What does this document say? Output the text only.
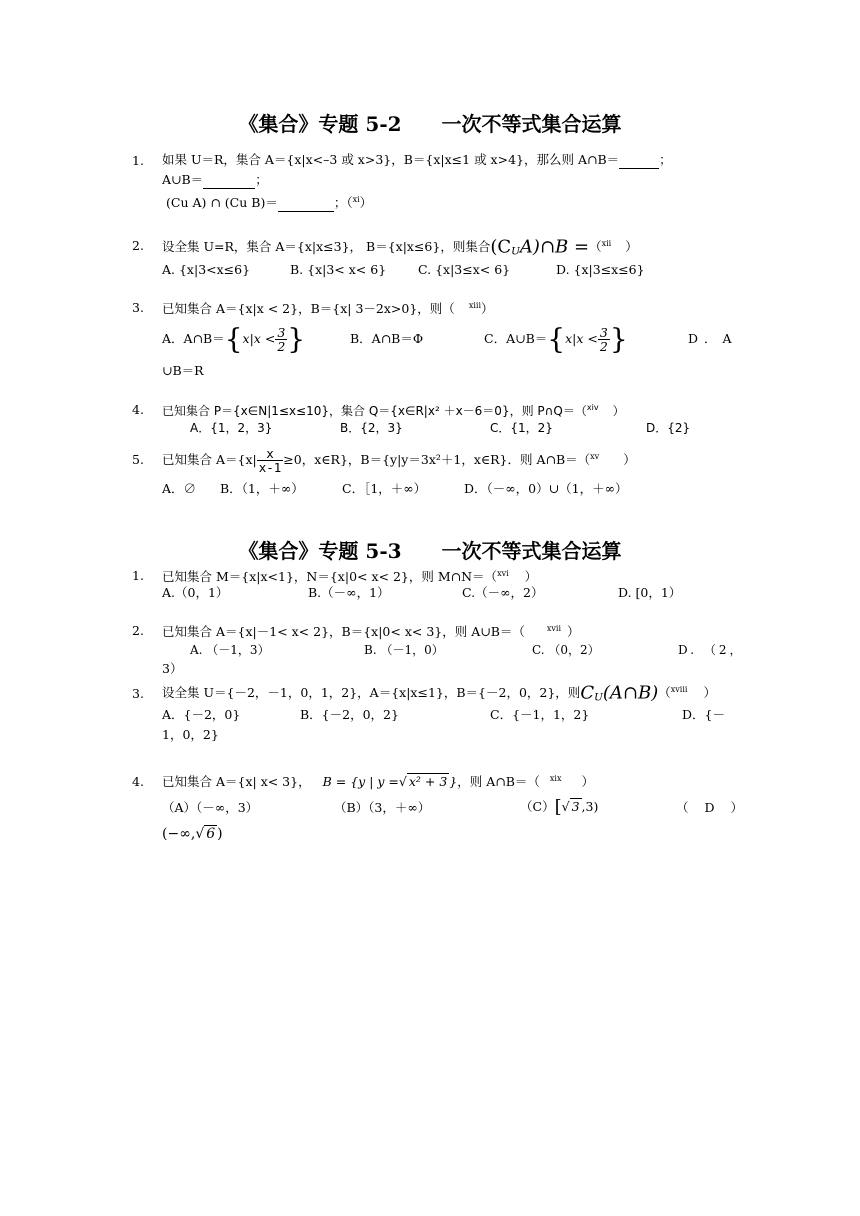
《集合》专题 5-2　　一次不等式集合运算
1. 如果 U＝R，集合 A＝{x|x<–3 或 x>3}，B＝{x|x≤1 或 x>4}，那么则 A∩B＝	；
A∪B＝	；
(Cu A) ∩ (Cu B)＝	；（$^{xi}$）
2. 设全集 U=R，集合 A＝{x|x≤3}， B＝{x|x≤6}，则集合$(C_UA)\cap B =(^{xii}$ ）
A. {x|3<x≤6}	B. {x|3< x< 6}	C. {x|3≤x< 6}	D. {x|3≤x≤6}
3. 已知集合 A＝{x|x < 2}，B＝{x| 3－2x>0}，则（ $^{xiii}$）
A．A∩B＝{x|x < $\frac{3}{2}$ }	B．A∩B＝Φ	C．A∪B＝{x|x < $\frac{3}{2}$ }	D．A
∪B＝R
4. 已知集合 P＝{x∈N|1≤x≤10}，集合 Q＝{x∈R|x² ＋x－6＝0}，则 P∩Q＝（$^{xiv}$ ）
A．{1，2，3}	B．{2，3}	C．{1，2}	D．{2}
5. 已知集合 $A=\{x| \frac{x}{x-1} \ge 0$，x∈R}，B＝{y|y＝3x²＋1，x∈R}．则 A∩B＝（$^{xv}$ ）
A．∅ B．（1，＋∞）	C．［1，＋∞）	D．（－∞，0）∪（1，＋∞）
《集合》专题 5-3　　一次不等式集合运算
1. 已知集合 M＝{x|x<1}，N＝{x|0< x< 2}，则 M∩N＝（$^{xvi}$ ）
A.（0，1）	B.（－∞，1）	C.（－∞，2）	D. [0，1）
2. 已知集合 A＝{x|－1< x< 2}，B＝{x|0< x< 3}，则 A∪B＝（	$^{xvii}$ ）
A. （－1，3）	B. （－1，0）	C. （0，2）	D. （2，
3）
3. 设全集 U＝{－2，－1，0，1，2}，A＝{x|x≤1}，B＝{－2，0，2}，则$C_U(A\cap B)(^{xviii}$ ）
A．{－2，0}	B．{－2，0，2}	C．{－1，1，2}	D．{－
1，0，2}
4. 已知集合 A＝{x| x< 3}， B = {y | y =√ x² + 3 }，则 A∩B＝（ $^{xix}$ ）
（A）（－∞，3）	（B）（3，＋∞）	（C）[√ 3 ,3)	（ D ）
(−∞,√ 6 )
